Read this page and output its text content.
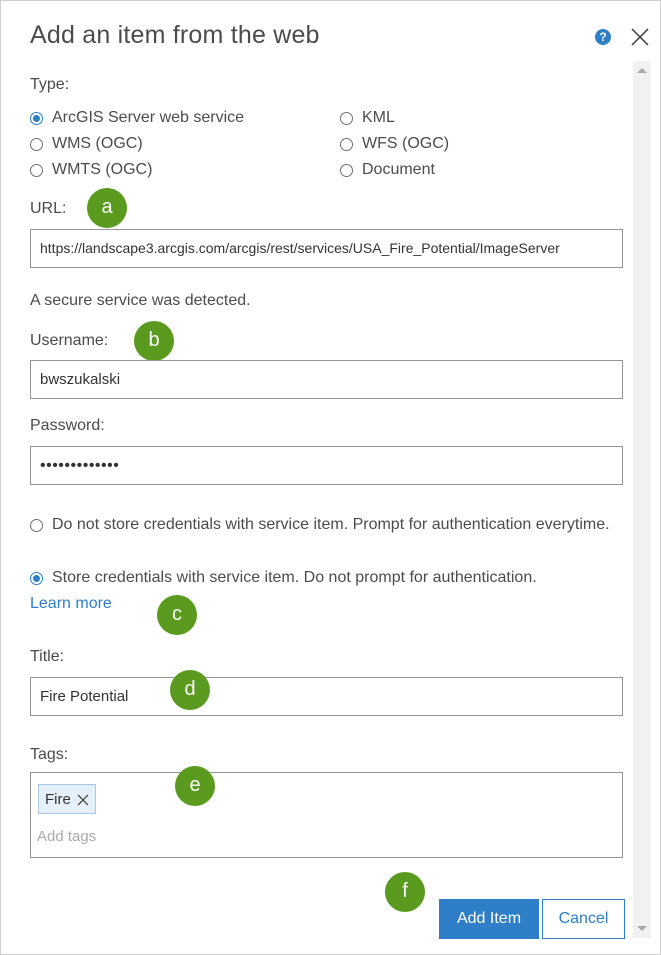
Add an item from the web	?
Type:
ArcGIS Server web service	KML
WMS (OGC)	WFS (OGC)
WMTS (OGC)	Document
URL:	a
https://landscape3.arcgis.com/arcgis/rest/services/USA_Fire_Potential/ImageServer
A secure service was detected.
Username:	b
bwszukalski
Password:
•••••••••••••
Do not store credentials with service item. Prompt for authentication everytime.
Store credentials with service item. Do not prompt for authentication.
Learn more	c
Title:
Fire Potential	d
Tags:
Fire
Add tags
e
f
Add Item	Cancel
